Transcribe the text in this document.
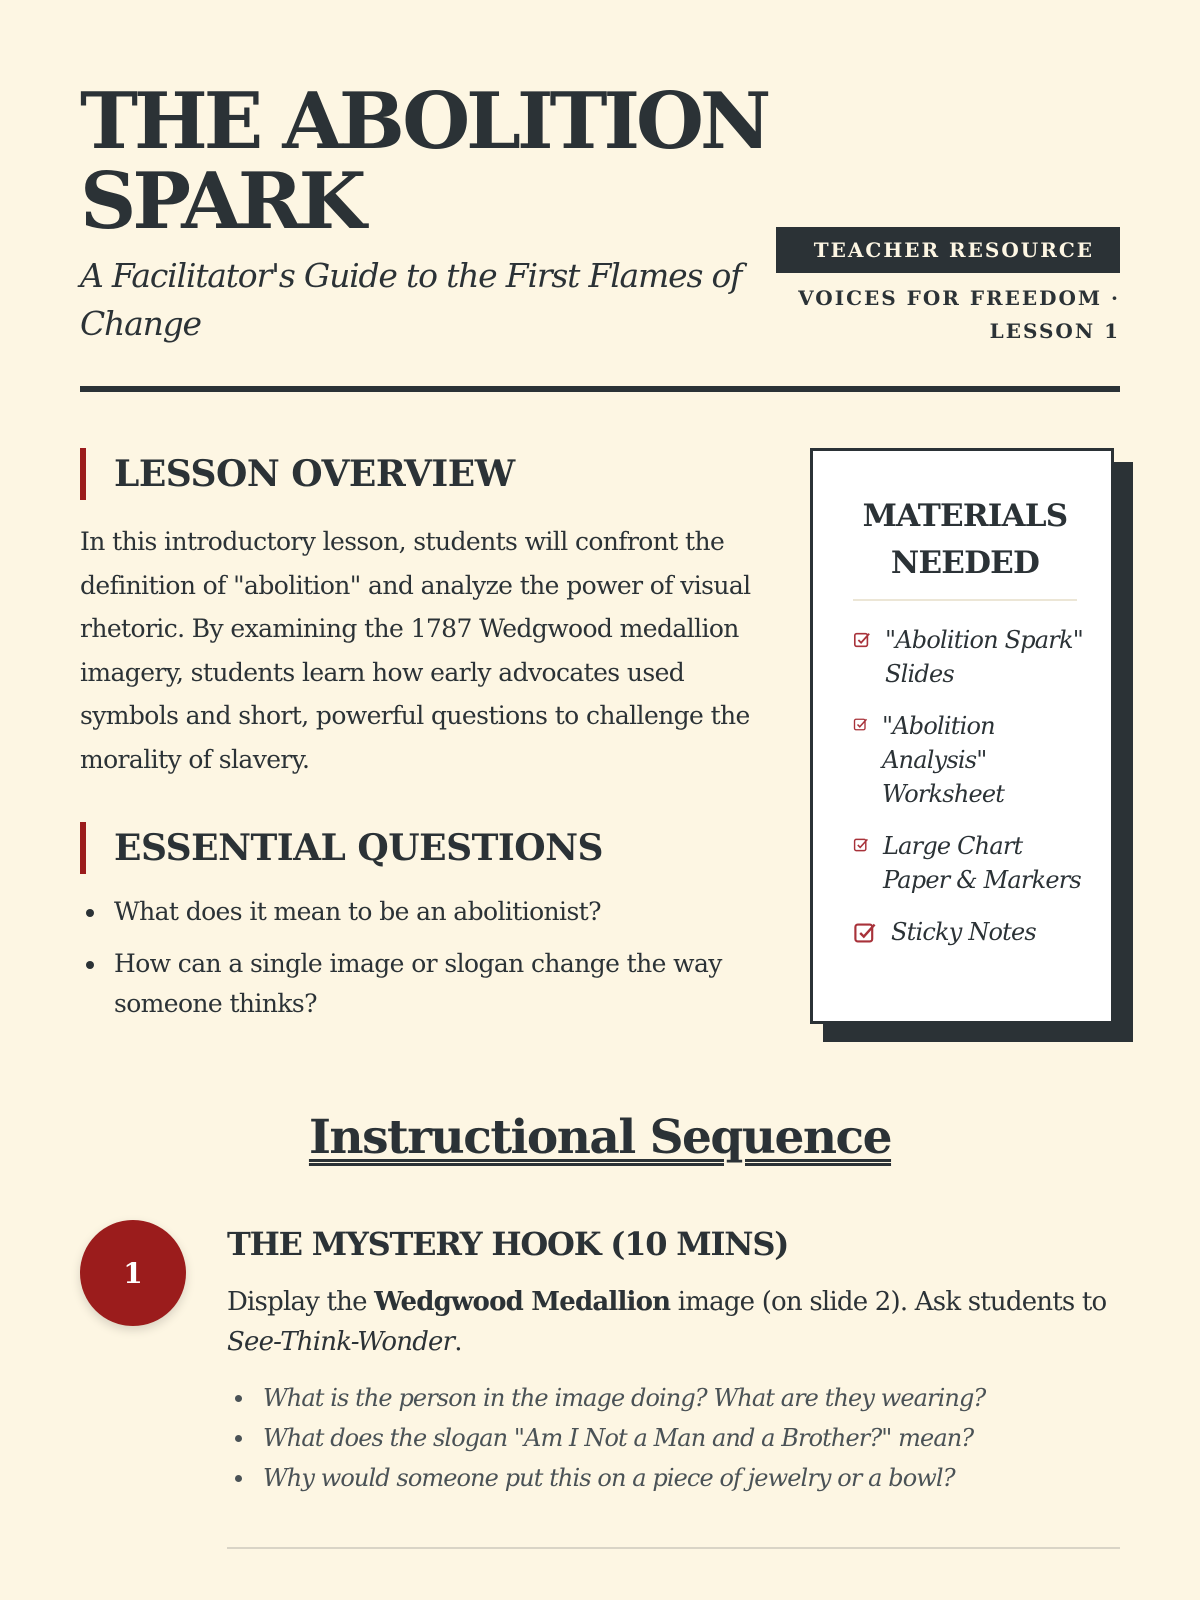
THE ABOLITION
SPARK

A Facilitator's Guide to the First Flames of Change

TEACHER RESOURCE
VOICES FOR FREEDOM ·
LESSON 1
LESSON OVERVIEW

In this introductory lesson, students will confront the definition of "abolition" and analyze the power of visual rhetoric. By examining the 1787 Wedgwood medallion imagery, students learn how early advocates used symbols and short, powerful questions to challenge the morality of slavery.

ESSENTIAL QUESTIONS
What does it mean to be an abolitionist?
How can a single image or slogan change the way someone thinks?
MATERIALS NEEDED
"Abolition Spark" Slides
"Abolition Analysis" Worksheet
Large Chart Paper & Markers
Sticky Notes
Instructional Sequence
1
THE MYSTERY HOOK (10 MINS)

Display the Wedgwood Medallion image (on slide 2). Ask students to See-Think-Wonder.

What is the person in the image doing? What are they wearing?
What does the slogan "Am I Not a Man and a Brother?" mean?
Why would someone put this on a piece of jewelry or a bowl?
